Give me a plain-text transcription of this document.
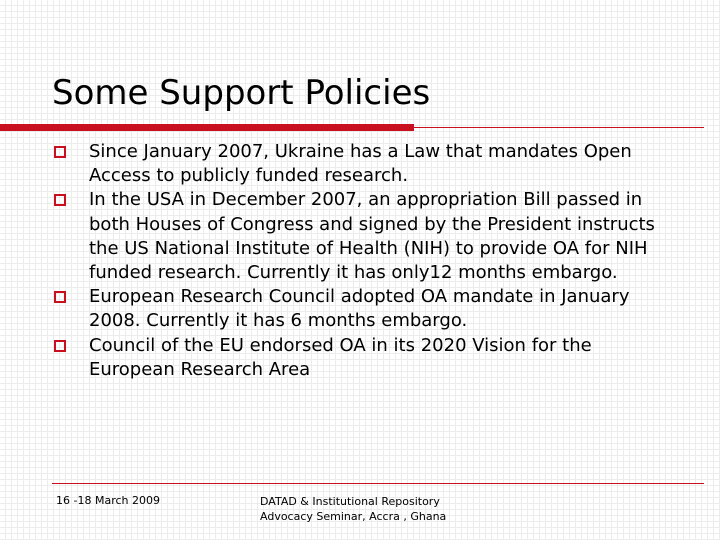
Some Support Policies
Since January 2007, Ukraine has a Law that mandates Open Access to publicly funded research.
In the USA in December 2007, an appropriation Bill passed in both Houses of Congress and signed by the President instructs the US National Institute of Health (NIH) to provide OA for NIH funded research. Currently it has only12 months embargo.
European Research Council adopted OA mandate in January 2008. Currently it has 6 months embargo.
Council of the EU endorsed OA in its 2020 Vision for the European Research Area
16 -18 March 2009	DATAD & Institutional Repository
Advocacy Seminar, Accra , Ghana
